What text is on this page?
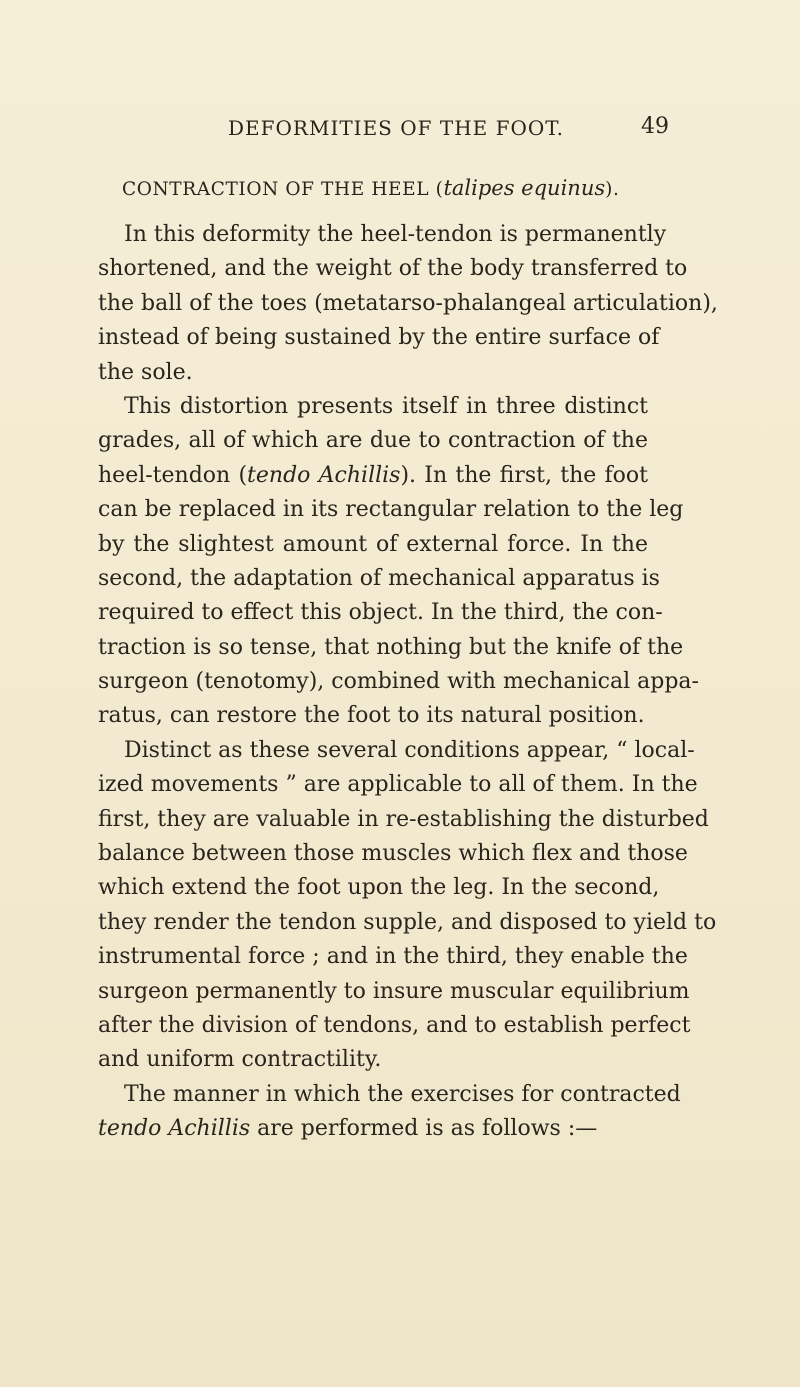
DEFORMITIES OF THE FOOT.	49
CONTRACTION OF THE HEEL (talipes equinus).
In this deformity the heel-tendon is permanently
shortened, and the weight of the body transferred to
the ball of the toes (metatarso-phalangeal articulation),
instead of being sustained by the entire surface of
the sole.
This distortion presents itself in three distinct
grades, all of which are due to contraction of the
heel-tendon (tendo Achillis). In the first, the foot
can be replaced in its rectangular relation to the leg
by the slightest amount of external force. In the
second, the adaptation of mechanical apparatus is
required to effect this object. In the third, the con-
traction is so tense, that nothing but the knife of the
surgeon (tenotomy), combined with mechanical appa-
ratus, can restore the foot to its natural position.
Distinct as these several conditions appear, “ local-
ized movements ” are applicable to all of them. In the
first, they are valuable in re-establishing the disturbed
balance between those muscles which flex and those
which extend the foot upon the leg. In the second,
they render the tendon supple, and disposed to yield to
instrumental force ; and in the third, they enable the
surgeon permanently to insure muscular equilibrium
after the division of tendons, and to establish perfect
and uniform contractility.
The manner in which the exercises for contracted
tendo Achillis are performed is as follows :—
